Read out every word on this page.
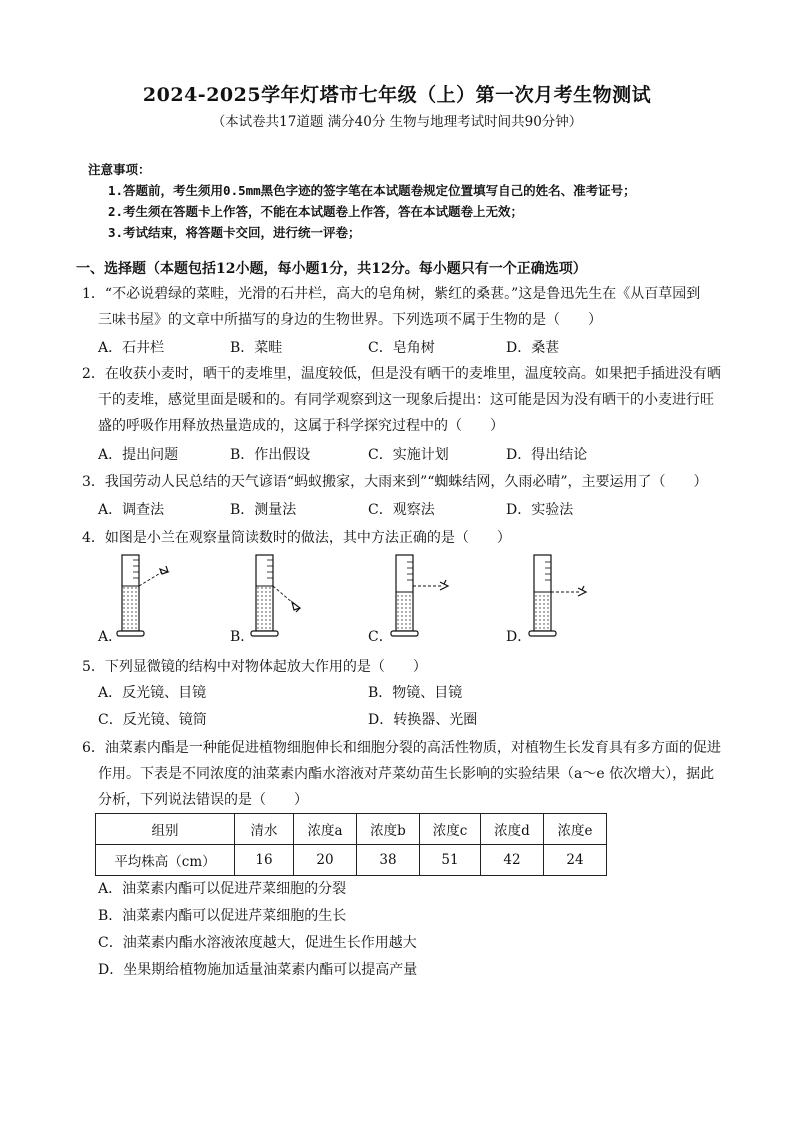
2024-2025学年灯塔市七年级（上）第一次月考生物测试
（本试卷共17道题 满分40分 生物与地理考试时间共90分钟）
注意事项：
1.答题前，考生须用0.5mm黑色字迹的签字笔在本试题卷规定位置填写自己的姓名、准考证号；
2.考生须在答题卡上作答，不能在本试题卷上作答，答在本试题卷上无效；
3.考试结束，将答题卡交回，进行统一评卷；
一、选择题（本题包括12小题，每小题1分，共12分。每小题只有一个正确选项）
1．“不必说碧绿的菜畦，光滑的石井栏，高大的皂角树，紫红的桑葚。”这是鲁迅先生在《从百草园到
三味书屋》的文章中所描写的身边的生物世界。下列选项不属于生物的是（　　）
A．石井栏	B．菜畦	C．皂角树	D．桑葚
2．在收获小麦时，晒干的麦堆里，温度较低，但是没有晒干的麦堆里，温度较高。如果把手插进没有晒
干的麦堆，感觉里面是暖和的。有同学观察到这一现象后提出：这可能是因为没有晒干的小麦进行旺
盛的呼吸作用释放热量造成的，这属于科学探究过程中的（　　）
A．提出问题	B．作出假设	C．实施计划	D．得出结论
3．我国劳动人民总结的天气谚语“蚂蚁搬家，大雨来到”“蜘蛛结网，久雨必晴”，主要运用了（　　）
A．调查法	B．测量法	C．观察法	D．实验法
4．如图是小兰在观察量筒读数时的做法，其中方法正确的是（　　）
A．	B．	C．	D．
5．下列显微镜的结构中对物体起放大作用的是（　　）
A．反光镜、目镜	B．物镜、目镜
C．反光镜、镜筒	D．转换器、光圈
6．油菜素内酯是一种能促进植物细胞伸长和细胞分裂的高活性物质，对植物生长发育具有多方面的促进
作用。下表是不同浓度的油菜素内酯水溶液对芹菜幼苗生长影响的实验结果（a～e 依次增大），据此
分析，下列说法错误的是（　　）
组别	清水	浓度a	浓度b	浓度c	浓度d	浓度e
平均株高（cm）	16	20	38	51	42	24
A．油菜素内酯可以促进芹菜细胞的分裂
B．油菜素内酯可以促进芹菜细胞的生长
C．油菜素内酯水溶液浓度越大，促进生长作用越大
D．坐果期给植物施加适量油菜素内酯可以提高产量
